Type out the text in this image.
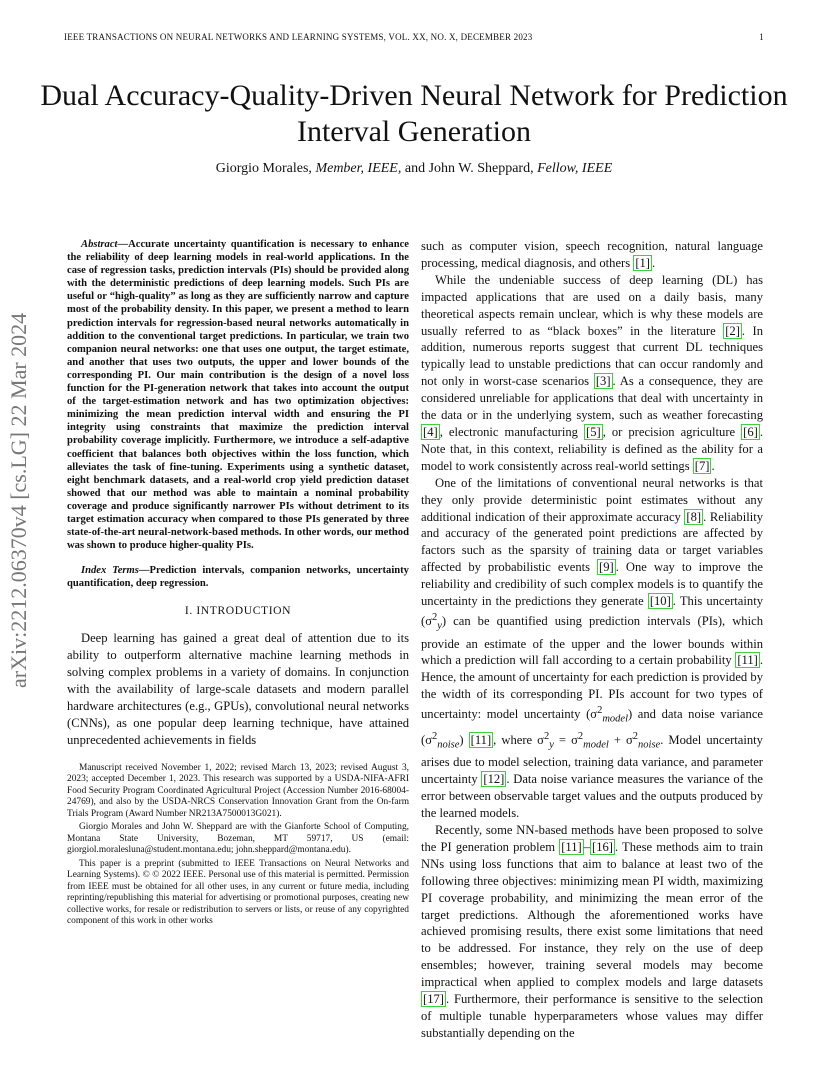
IEEE TRANSACTIONS ON NEURAL NETWORKS AND LEARNING SYSTEMS, VOL. XX, NO. X, DECEMBER 2023	1
Dual Accuracy-Quality-Driven Neural Network for Prediction Interval Generation
Giorgio Morales, Member, IEEE, and John W. Sheppard, Fellow, IEEE
arXiv:2212.06370v4 [cs.LG] 22 Mar 2024

Abstract—Accurate uncertainty quantification is necessary to enhance the reliability of deep learning models in real-world applications. In the case of regression tasks, prediction intervals (PIs) should be provided along with the deterministic predictions of deep learning models. Such PIs are useful or “high-quality” as long as they are sufficiently narrow and capture most of the probability density. In this paper, we present a method to learn prediction intervals for regression-based neural networks automatically in addition to the conventional target predictions. In particular, we train two companion neural networks: one that uses one output, the target estimate, and another that uses two outputs, the upper and lower bounds of the corresponding PI. Our main contribution is the design of a novel loss function for the PI-generation network that takes into account the output of the target-estimation network and has two optimization objectives: minimizing the mean prediction interval width and ensuring the PI integrity using constraints that maximize the prediction interval probability coverage implicitly. Furthermore, we introduce a self-adaptive coefficient that balances both objectives within the loss function, which alleviates the task of fine-tuning. Experiments using a synthetic dataset, eight benchmark datasets, and a real-world crop yield prediction dataset showed that our method was able to maintain a nominal probability coverage and produce significantly narrower PIs without detriment to its target estimation accuracy when compared to those PIs generated by three state-of-the-art neural-network-based methods. In other words, our method was shown to produce higher-quality PIs.

Index Terms—Prediction intervals, companion networks, uncertainty quantification, deep regression.

I. INTRODUCTION

Deep learning has gained a great deal of attention due to its ability to outperform alternative machine learning methods in solving complex problems in a variety of domains. In conjunction with the availability of large-scale datasets and modern parallel hardware architectures (e.g., GPUs), convolutional neural networks (CNNs), as one popular deep learning technique, have attained unprecedented achievements in fields

Manuscript received November 1, 2022; revised March 13, 2023; revised August 3, 2023; accepted December 1, 2023. This research was supported by a USDA-NIFA-AFRI Food Security Program Coordinated Agricultural Project (Accession Number 2016-68004-24769), and also by the USDA-NRCS Conservation Innovation Grant from the On-farm Trials Program (Award Number NR213A7500013G021).

Giorgio Morales and John W. Sheppard are with the Gianforte School of Computing, Montana State University, Bozeman, MT 59717, US (email: giorgiol.moralesluna@student.montana.edu; john.sheppard@montana.edu).

This paper is a preprint (submitted to IEEE Transactions on Neural Networks and Learning Systems). © © 2022 IEEE. Personal use of this material is permitted. Permission from IEEE must be obtained for all other uses, in any current or future media, including reprinting/republishing this material for advertising or promotional purposes, creating new collective works, for resale or redistribution to servers or lists, or reuse of any copyrighted component of this work in other works

such as computer vision, speech recognition, natural language processing, medical diagnosis, and others [1] .

While the undeniable success of deep learning (DL) has impacted applications that are used on a daily basis, many theoretical aspects remain unclear, which is why these models are usually referred to as “black boxes” in the literature [2] . In addition, numerous reports suggest that current DL techniques typically lead to unstable predictions that can occur randomly and not only in worst-case scenarios [3] . As a consequence, they are considered unreliable for applications that deal with uncertainty in the data or in the underlying system, such as weather forecasting [4] , electronic manufacturing [5] , or precision agriculture [6] . Note that, in this context, reliability is defined as the ability for a model to work consistently across real-world settings [7] .

One of the limitations of conventional neural networks is that they only provide deterministic point estimates without any additional indication of their approximate accuracy [8] . Reliability and accuracy of the generated point predictions are affected by factors such as the sparsity of training data or target variables affected by probabilistic events [9] . One way to improve the reliability and credibility of such complex models is to quantify the uncertainty in the predictions they generate [10] . This uncertainty $(\sigma^2_y)$ can be quantified using prediction intervals (PIs), which provide an estimate of the upper and the lower bounds within which a prediction will fall according to a certain probability [11] . Hence, the amount of uncertainty for each prediction is provided by the width of its corresponding PI. PIs account for two types of uncertainty: model uncertainty $(\sigma^2_{model})$ and data noise variance $(\sigma^2_{noise})$ [11] , where $\sigma^2_y = \sigma^2_{model} + \sigma^2_{noise}$. Model uncertainty arises due to model selection, training data variance, and parameter uncertainty [12] . Data noise variance measures the variance of the error between observable target values and the outputs produced by the learned models.

Recently, some NN-based methods have been proposed to solve the PI generation problem [11] – [16] . These methods aim to train NNs using loss functions that aim to balance at least two of the following three objectives: minimizing mean PI width, maximizing PI coverage probability, and minimizing the mean error of the target predictions. Although the aforementioned works have achieved promising results, there exist some limitations that need to be addressed. For instance, they rely on the use of deep ensembles; however, training several models may become impractical when applied to complex models and large datasets [17] . Furthermore, their performance is sensitive to the selection of multiple tunable hyperparameters whose values may differ substantially depending on the
